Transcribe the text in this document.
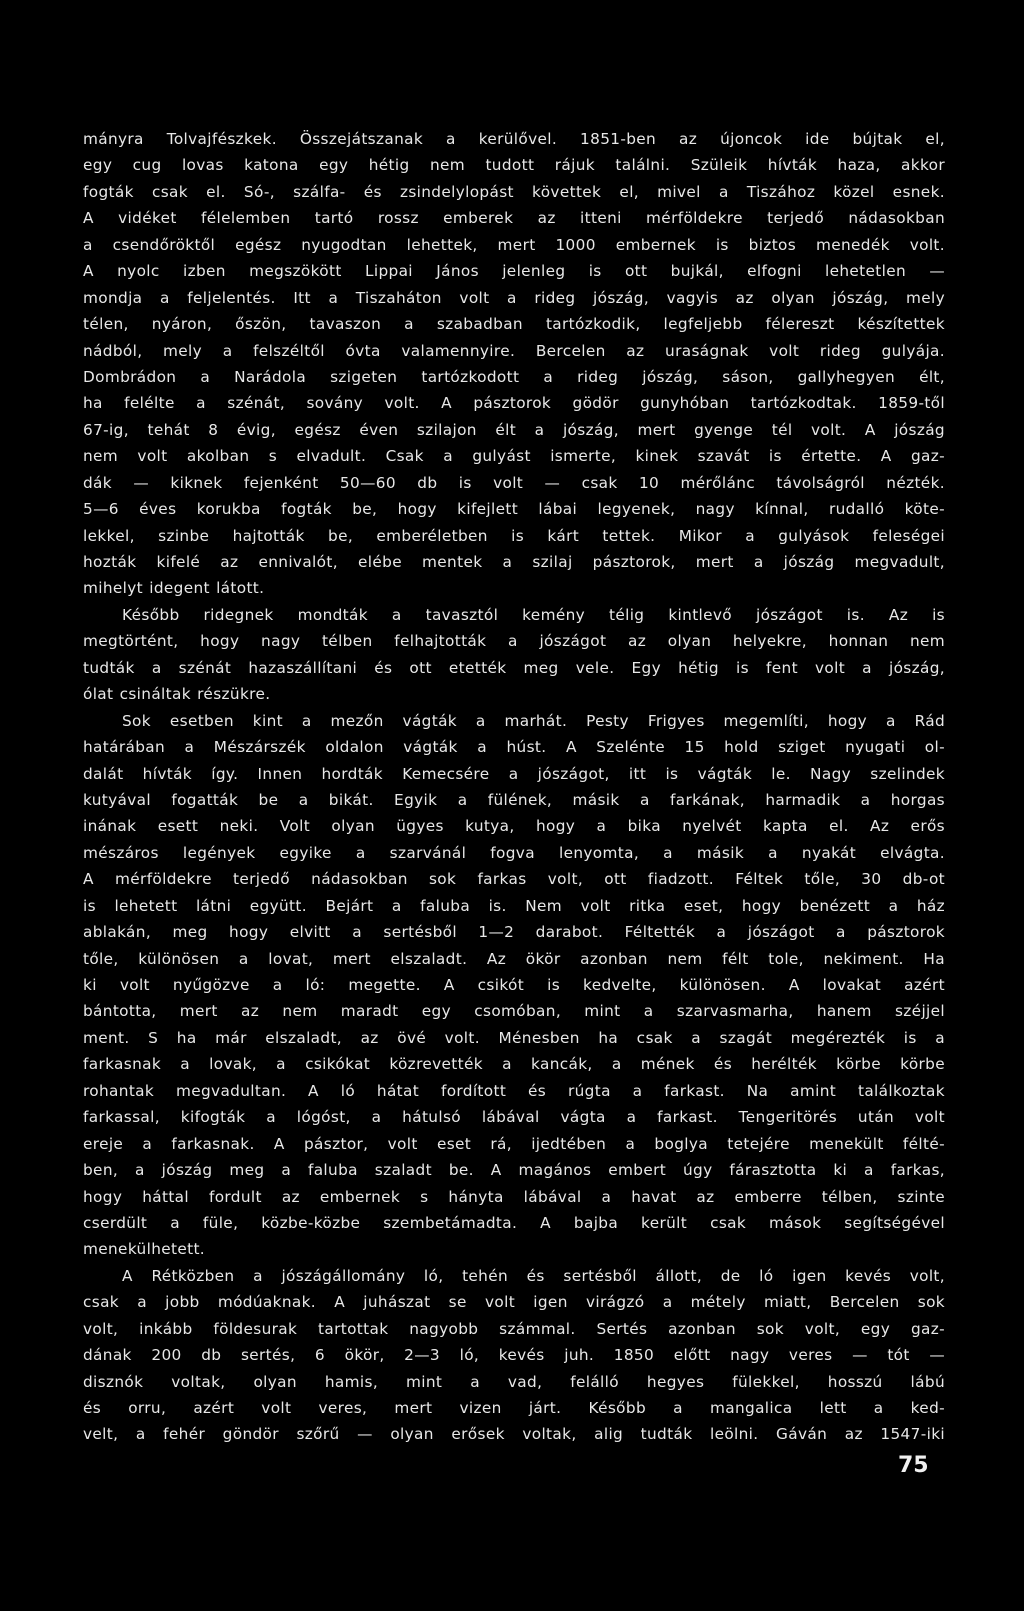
mányra Tolvajfészkek. Összejátszanak a kerülővel. 1851-ben az újoncok ide bújtak el,
egy cug lovas katona egy hétig nem tudott rájuk találni. Szüleik hívták haza, akkor
fogták csak el. Só-, szálfa- és zsindelylopást követtek el, mivel a Tiszához közel esnek.
A vidéket félelemben tartó rossz emberek az itteni mérföldekre terjedő nádasokban
a csendőröktől egész nyugodtan lehettek, mert 1000 embernek is biztos menedék volt.
A nyolc izben megszökött Lippai János jelenleg is ott bujkál, elfogni lehetetlen —
mondja a feljelentés. Itt a Tiszaháton volt a rideg jószág, vagyis az olyan jószág, mely
télen, nyáron, őszön, tavaszon a szabadban tartózkodik, legfeljebb félereszt készítettek
nádból, mely a felszéltől óvta valamennyire. Bercelen az uraságnak volt rideg gulyája.
Dombrádon a Narádola szigeten tartózkodott a rideg jószág, sáson, gallyhegyen élt,
ha felélte a szénát, sovány volt. A pásztorok gödör gunyhóban tartózkodtak. 1859-től
67-ig, tehát 8 évig, egész éven szilajon élt a jószág, mert gyenge tél volt. A jószág
nem volt akolban s elvadult. Csak a gulyást ismerte, kinek szavát is értette. A gaz-
dák — kiknek fejenként 50—60 db is volt — csak 10 mérőlánc távolságról nézték.
5—6 éves korukba fogták be, hogy kifejlett lábai legyenek, nagy kínnal, rudalló köte-
lekkel, szinbe hajtották be, emberéletben is kárt tettek. Mikor a gulyások feleségei
hozták kifelé az ennivalót, elébe mentek a szilaj pásztorok, mert a jószág megvadult,
mihelyt idegent látott.
Később ridegnek mondták a tavasztól kemény télig kintlevő jószágot is. Az is
megtörtént, hogy nagy télben felhajtották a jószágot az olyan helyekre, honnan nem
tudták a szénát hazaszállítani és ott etették meg vele. Egy hétig is fent volt a jószág,
ólat csináltak részükre.
Sok esetben kint a mezőn vágták a marhát. Pesty Frigyes megemlíti, hogy a Rád
határában a Mészárszék oldalon vágták a húst. A Szelénte 15 hold sziget nyugati ol-
dalát hívták így. Innen hordták Kemecsére a jószágot, itt is vágták le. Nagy szelindek
kutyával fogatták be a bikát. Egyik a fülének, másik a farkának, harmadik a horgas
inának esett neki. Volt olyan ügyes kutya, hogy a bika nyelvét kapta el. Az erős
mészáros legények egyike a szarvánál fogva lenyomta, a másik a nyakát elvágta.
A mérföldekre terjedő nádasokban sok farkas volt, ott fiadzott. Féltek tőle, 30 db-ot
is lehetett látni együtt. Bejárt a faluba is. Nem volt ritka eset, hogy benézett a ház
ablakán, meg hogy elvitt a sertésből 1—2 darabot. Féltették a jószágot a pásztorok
tőle, különösen a lovat, mert elszaladt. Az ökör azonban nem félt tole, nekiment. Ha
ki volt nyűgözve a ló: megette. A csikót is kedvelte, különösen. A lovakat azért
bántotta, mert az nem maradt egy csomóban, mint a szarvasmarha, hanem széjjel
ment. S ha már elszaladt, az övé volt. Ménesben ha csak a szagát megérezték is a
farkasnak a lovak, a csikókat közrevették a kancák, a mének és herélték körbe körbe
rohantak megvadultan. A ló hátat fordított és rúgta a farkast. Na amint találkoztak
farkassal, kifogták a lógóst, a hátulsó lábával vágta a farkast. Tengeritörés után volt
ereje a farkasnak. A pásztor, volt eset rá, ijedtében a boglya tetejére menekült félté-
ben, a jószág meg a faluba szaladt be. A magános embert úgy fárasztotta ki a farkas,
hogy háttal fordult az embernek s hányta lábával a havat az emberre télben, szinte
cserdült a füle, közbe-közbe szembetámadta. A bajba került csak mások segítségével
menekülhetett.
A Rétközben a jószágállomány ló, tehén és sertésből állott, de ló igen kevés volt,
csak a jobb módúaknak. A juhászat se volt igen virágzó a métely miatt, Bercelen sok
volt, inkább földesurak tartottak nagyobb számmal. Sertés azonban sok volt, egy gaz-
dának 200 db sertés, 6 ökör, 2—3 ló, kevés juh. 1850 előtt nagy veres — tót —
disznók voltak, olyan hamis, mint a vad, felálló hegyes fülekkel, hosszú lábú
és orru, azért volt veres, mert vizen járt. Később a mangalica lett a ked-
velt, a fehér göndör szőrű — olyan erősek voltak, alig tudták leölni. Gáván az 1547-iki
75
